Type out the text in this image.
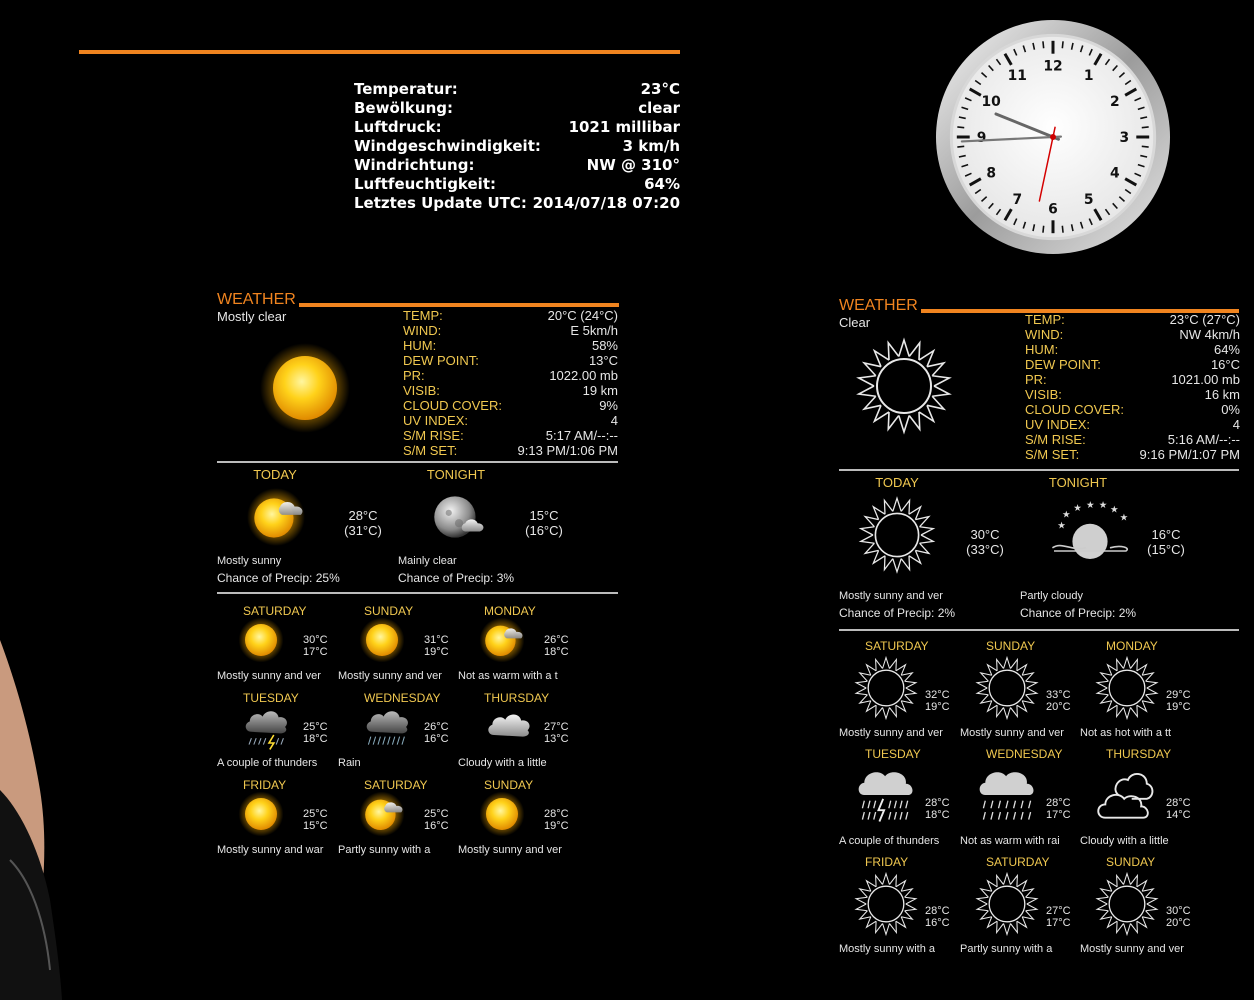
Temperatur:	23°C
Bewölkung:	clear
Luftdruck:	1021 millibar
Windgeschwindigkeit:	3 km/h
Windrichtung:	NW @ 310°
Luftfeuchtigkeit:	64%
Letztes Update UTC: 2014/07/18 07:20
12
1
2
3
4
5
6
7
8
9
10
11
WEATHER
Mostly clear	TEMP:	20°C (24°C)
WIND:	E 5km/h
HUM:	58%
DEW POINT:	13°C
PR:	1022.00 mb
VISIB:	19 km
CLOUD COVER:	9%
UV INDEX:	4
S/M RISE:	5:17 AM/--:--
S/M SET:	9:13 PM/1:06 PM
TODAY
28°C
(31°C)
Mostly sunny
Chance of Precip: 25%
TONIGHT
15°C
(16°C)
Mainly clear
Chance of Precip: 3%
SATURDAY
30°C
17°C
Mostly sunny and ver
SUNDAY
31°C
19°C
Mostly sunny and ver
MONDAY
26°C
18°C
Not as warm with a t
TUESDAY
25°C
18°C
A couple of thunders
WEDNESDAY
26°C
16°C
Rain
THURSDAY
27°C
13°C
Cloudy with a little
FRIDAY
25°C
15°C
Mostly sunny and war
SATURDAY
25°C
16°C
Partly sunny with a
SUNDAY
28°C
19°C
Mostly sunny and ver
WEATHER
Clear	TEMP:	23°C (27°C)
WIND:	NW 4km/h
HUM:	64%
DEW POINT:	16°C
PR:	1021.00 mb
VISIB:	16 km
CLOUD COVER:	0%
UV INDEX:	4
S/M RISE:	5:16 AM/--:--
S/M SET:	9:16 PM/1:07 PM
TODAY
30°C
(33°C)
Mostly sunny and ver
Chance of Precip: 2%
TONIGHT
★
★ ★ ★ ★
★
★
16°C
(15°C)
Partly cloudy
Chance of Precip: 2%
SATURDAY
32°C
19°C
Mostly sunny and ver
SUNDAY
33°C
20°C
Mostly sunny and ver
MONDAY
29°C
19°C
Not as hot with a tt
TUESDAY
28°C
18°C
A couple of thunders
WEDNESDAY
28°C
17°C
Not as warm with rai
THURSDAY
28°C
14°C
Cloudy with a little
FRIDAY
28°C
16°C
Mostly sunny with a
SATURDAY
27°C
17°C
Partly sunny with a
SUNDAY
30°C
20°C
Mostly sunny and ver
